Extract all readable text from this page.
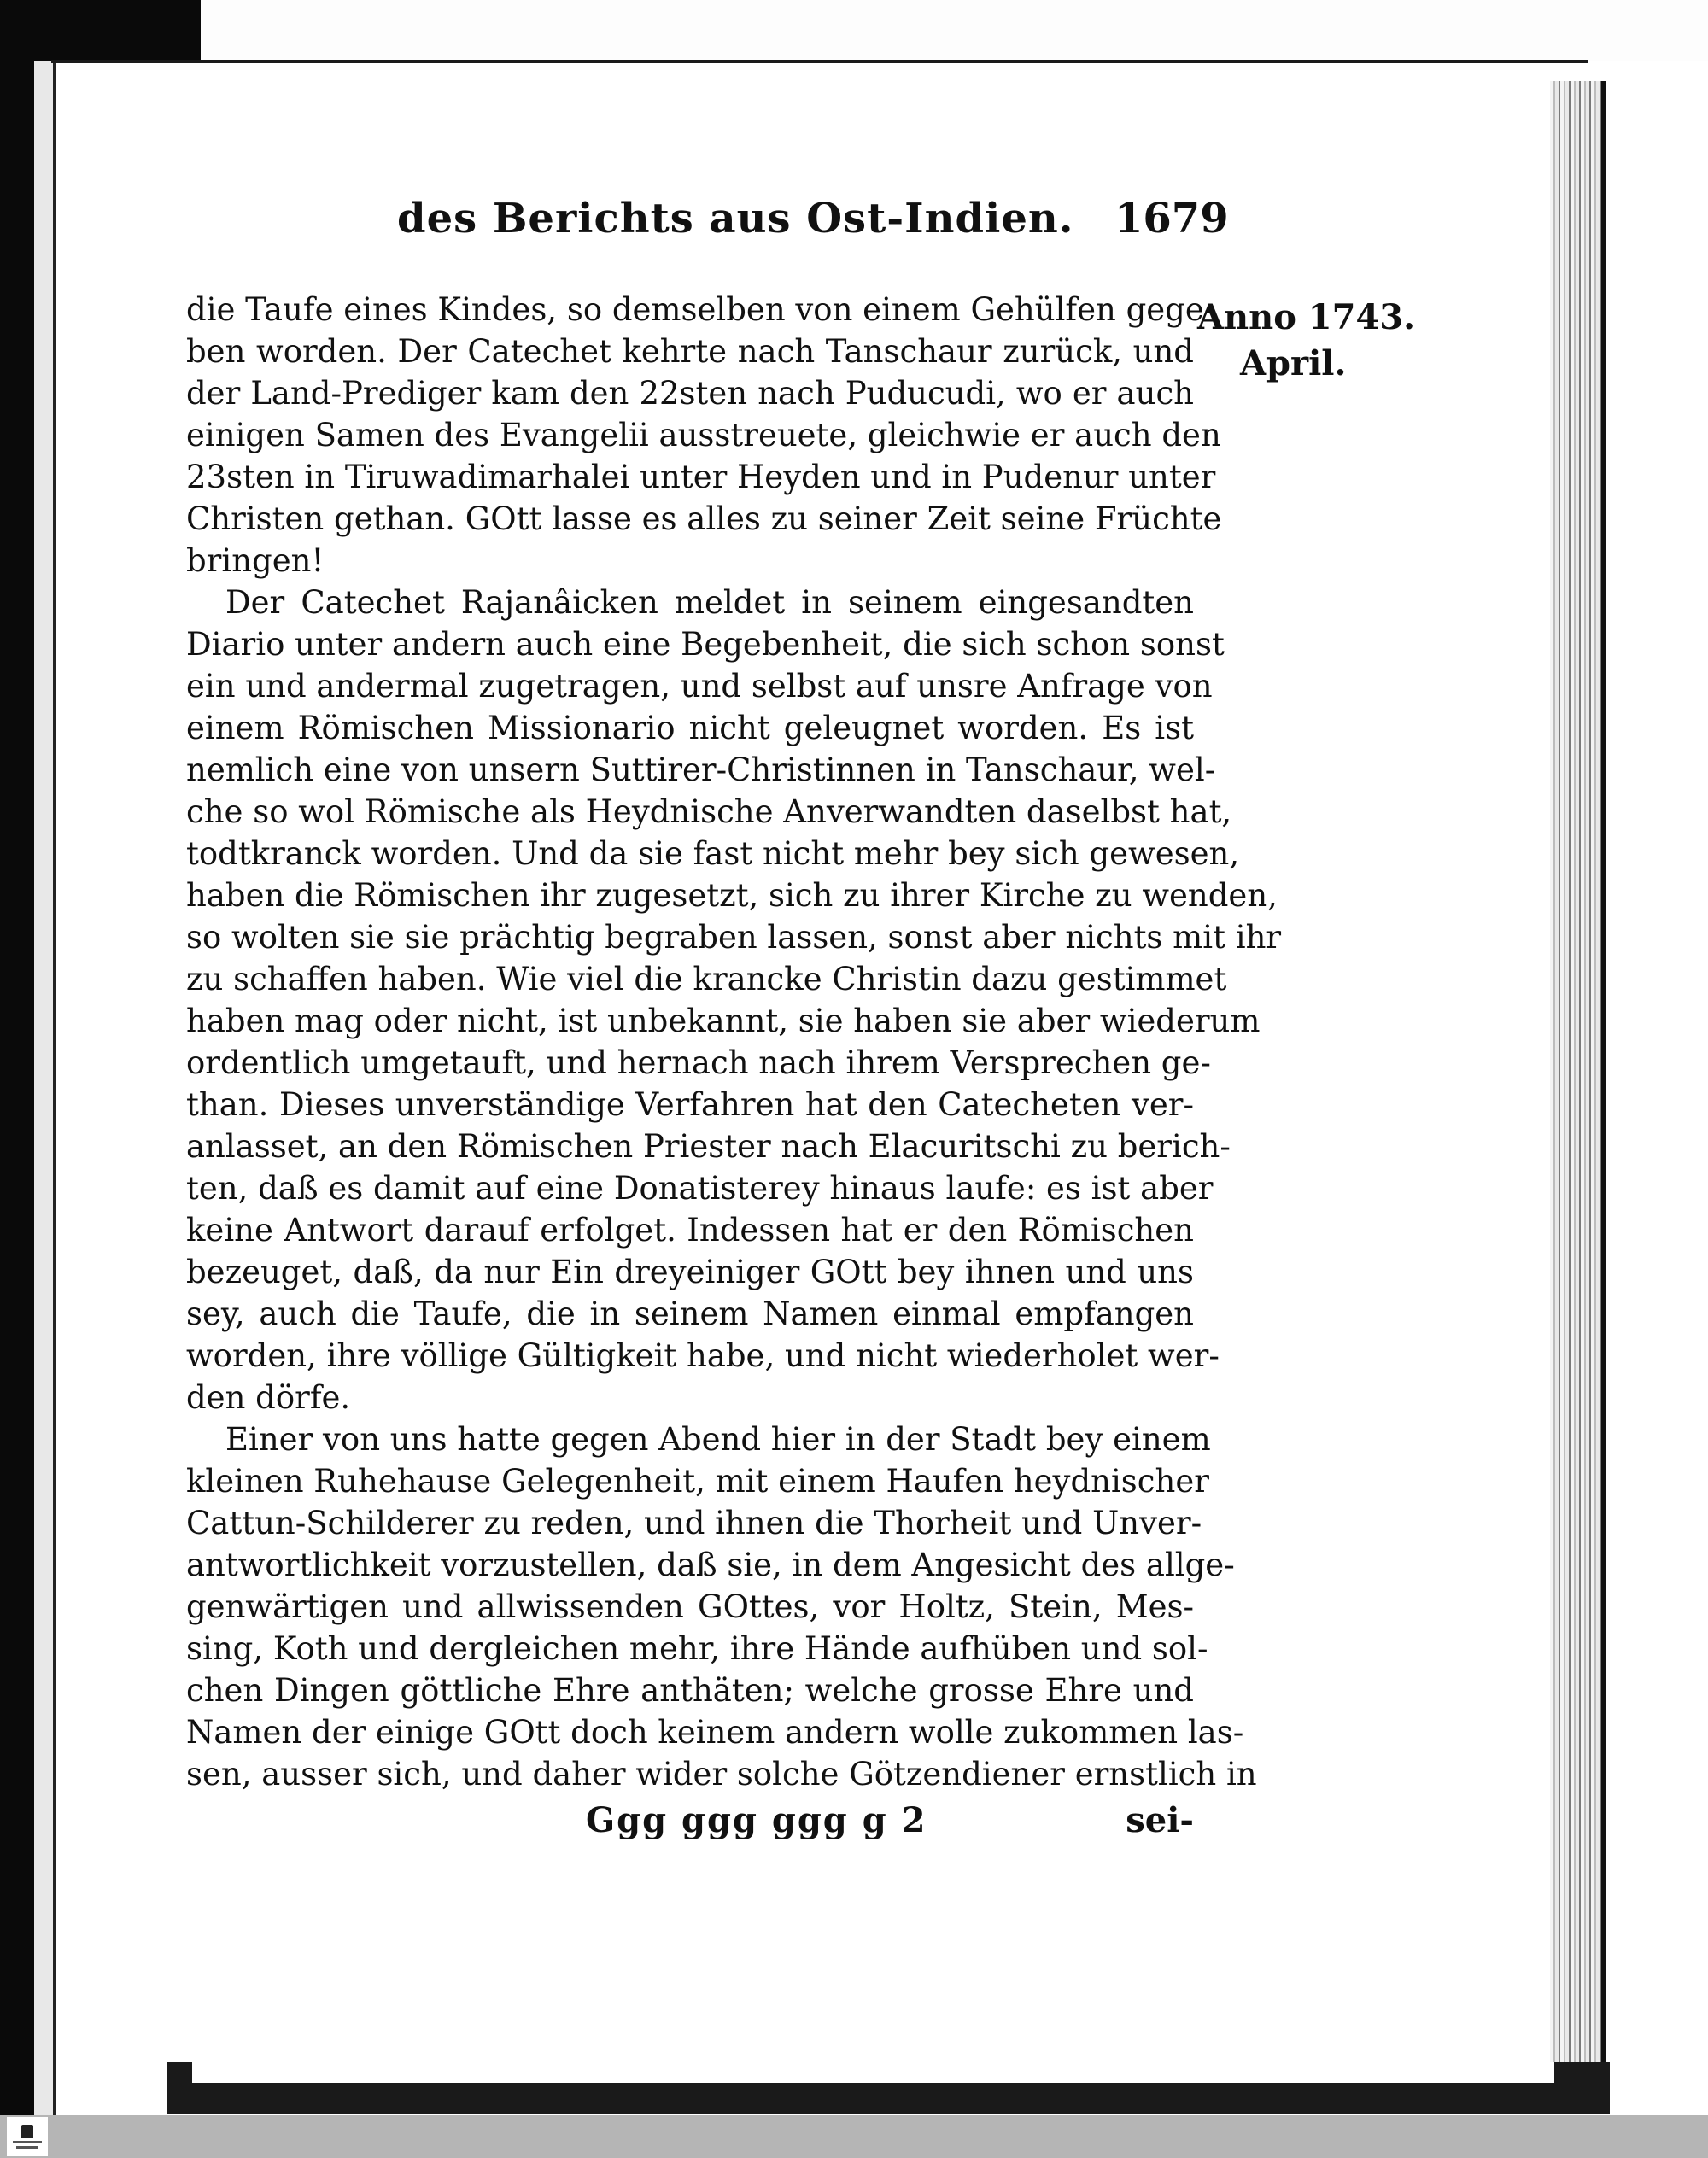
des Berichts aus Ost-Indien. 1679
Anno 1743.
April.
die Taufe eines Kindes, so demselben von einem Gehülfen gege-
ben worden. Der Catechet kehrte nach Tanschaur zurück, und
der Land-Prediger kam den 22sten nach Puducudi, wo er auch
einigen Samen des Evangelii ausstreuete, gleichwie er auch den
23sten in Tiruwadimarhalei unter Heyden und in Pudenur unter
Christen gethan. GOtt lasse es alles zu seiner Zeit seine Früchte
bringen!
Der Catechet Rajanâicken meldet in seinem eingesandten
Diario unter andern auch eine Begebenheit, die sich schon sonst
ein und andermal zugetragen, und selbst auf unsre Anfrage von
einem Römischen Missionario nicht geleugnet worden. Es ist
nemlich eine von unsern Suttirer-Christinnen in Tanschaur, wel-
che so wol Römische als Heydnische Anverwandten daselbst hat,
todtkranck worden. Und da sie fast nicht mehr bey sich gewesen,
haben die Römischen ihr zugesetzt, sich zu ihrer Kirche zu wenden,
so wolten sie sie prächtig begraben lassen, sonst aber nichts mit ihr
zu schaffen haben. Wie viel die krancke Christin dazu gestimmet
haben mag oder nicht, ist unbekannt, sie haben sie aber wiederum
ordentlich umgetauft, und hernach nach ihrem Versprechen ge-
than. Dieses unverständige Verfahren hat den Catecheten ver-
anlasset, an den Römischen Priester nach Elacuritschi zu berich-
ten, daß es damit auf eine Donatisterey hinaus laufe: es ist aber
keine Antwort darauf erfolget. Indessen hat er den Römischen
bezeuget, daß, da nur Ein dreyeiniger GOtt bey ihnen und uns
sey, auch die Taufe, die in seinem Namen einmal empfangen
worden, ihre völlige Gültigkeit habe, und nicht wiederholet wer-
den dörfe.
Einer von uns hatte gegen Abend hier in der Stadt bey einem
kleinen Ruhehause Gelegenheit, mit einem Haufen heydnischer
Cattun-Schilderer zu reden, und ihnen die Thorheit und Unver-
antwortlichkeit vorzustellen, daß sie, in dem Angesicht des allge-
genwärtigen und allwissenden GOttes, vor Holtz, Stein, Mes-
sing, Koth und dergleichen mehr, ihre Hände aufhüben und sol-
chen Dingen göttliche Ehre anthäten; welche grosse Ehre und
Namen der einige GOtt doch keinem andern wolle zukommen las-
sen, ausser sich, und daher wider solche Götzendiener ernstlich in
Ggg ggg ggg g 2	sei-
